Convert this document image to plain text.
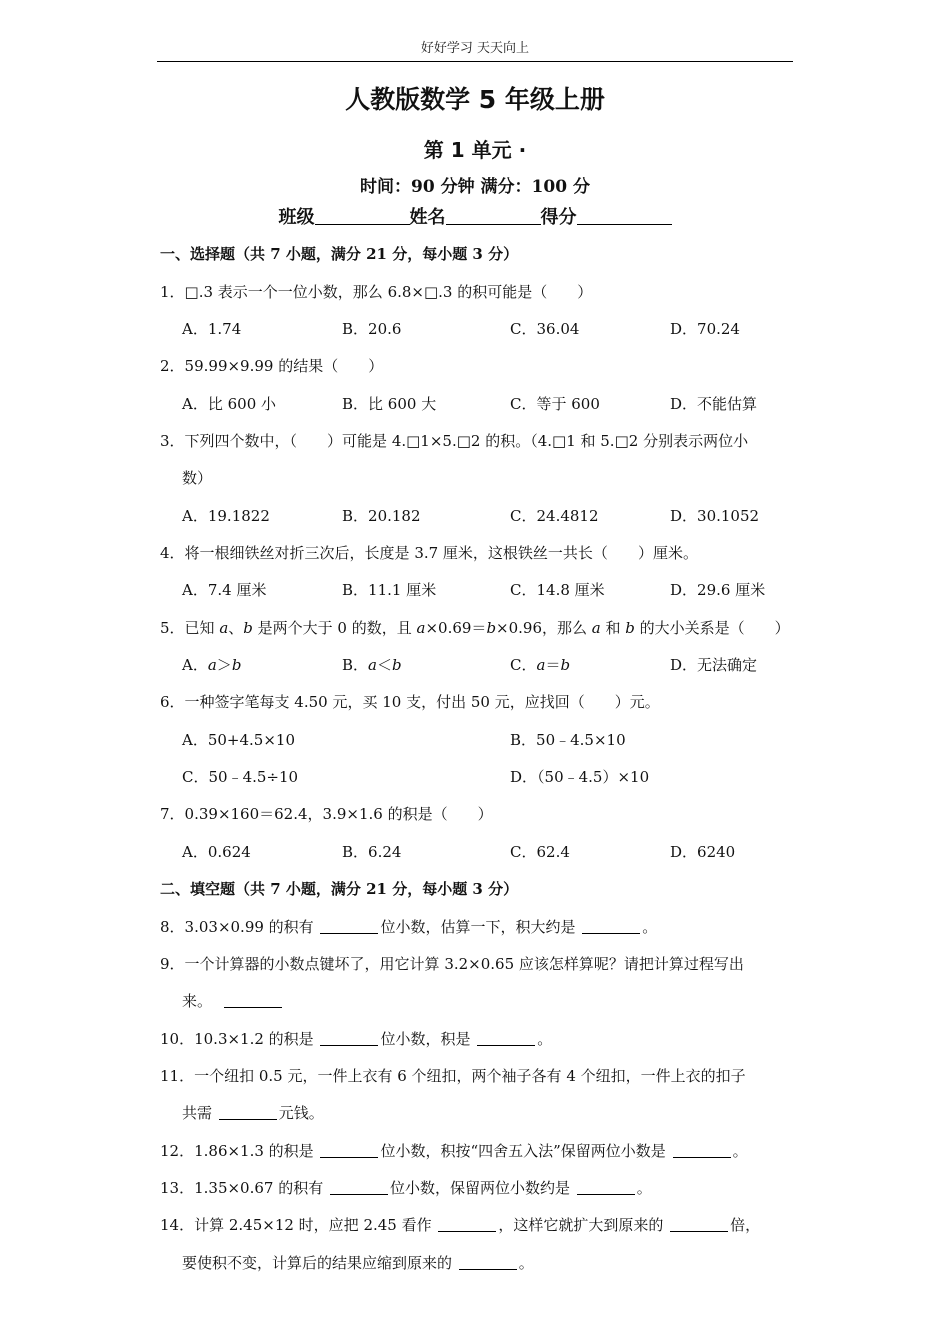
好好学习 天天向上
人教版数学 5 年级上册
第 1 单元 ·
时间：90 分钟 满分：100 分
班级	姓名	得分
一、选择题（共 7 小题，满分 21 分，每小题 3 分）
1．□.3 表示一个一位小数，那么 6.8×□.3 的积可能是（　　）
A．1.74	B．20.6	C．36.04	D．70.24
2．59.99×9.99 的结果（　　）
A．比 600 小	B．比 600 大	C．等于 600	D．不能估算
3．下列四个数中，（　　）可能是 4.□1×5.□2 的积。（4.□1 和 5.□2 分别表示两位小
数）
A．19.1822	B．20.182	C．24.4812	D．30.1052
4．将一根细铁丝对折三次后，长度是 3.7 厘米，这根铁丝一共长（　　）厘米。
A．7.4 厘米	B．11.1 厘米	C．14.8 厘米	D．29.6 厘米
5．已知 a、b 是两个大于 0 的数，且 a×0.69＝b×0.96，那么 a 和 b 的大小关系是（　　）
A．a＞b	B．a＜b	C．a＝b	D．无法确定
6．一种签字笔每支 4.50 元，买 10 支，付出 50 元，应找回（　　）元。
A．50+4.5×10	B．50﹣4.5×10
C．50﹣4.5÷10	D．（50﹣4.5）×10
7．0.39×160＝62.4，3.9×1.6 的积是（　　）
A．0.624	B．6.24	C．62.4	D．6240
二、填空题（共 7 小题，满分 21 分，每小题 3 分）
8．3.03×0.99 的积有	位小数，估算一下，积大约是	。
9．一个计算器的小数点键坏了，用它计算 3.2×0.65 应该怎样算呢？请把计算过程写出
来。
10．10.3×1.2 的积是	位小数，积是	。
11．一个纽扣 0.5 元，一件上衣有 6 个纽扣，两个袖子各有 4 个纽扣，一件上衣的扣子
共需	元钱。
12．1.86×1.3 的积是	位小数，积按“四舍五入法”保留两位小数是	。
13．1.35×0.67 的积有	位小数，保留两位小数约是	。
14．计算 2.45×12 时，应把 2.45 看作	，这样它就扩大到原来的	倍，
要使积不变，计算后的结果应缩到原来的	。
